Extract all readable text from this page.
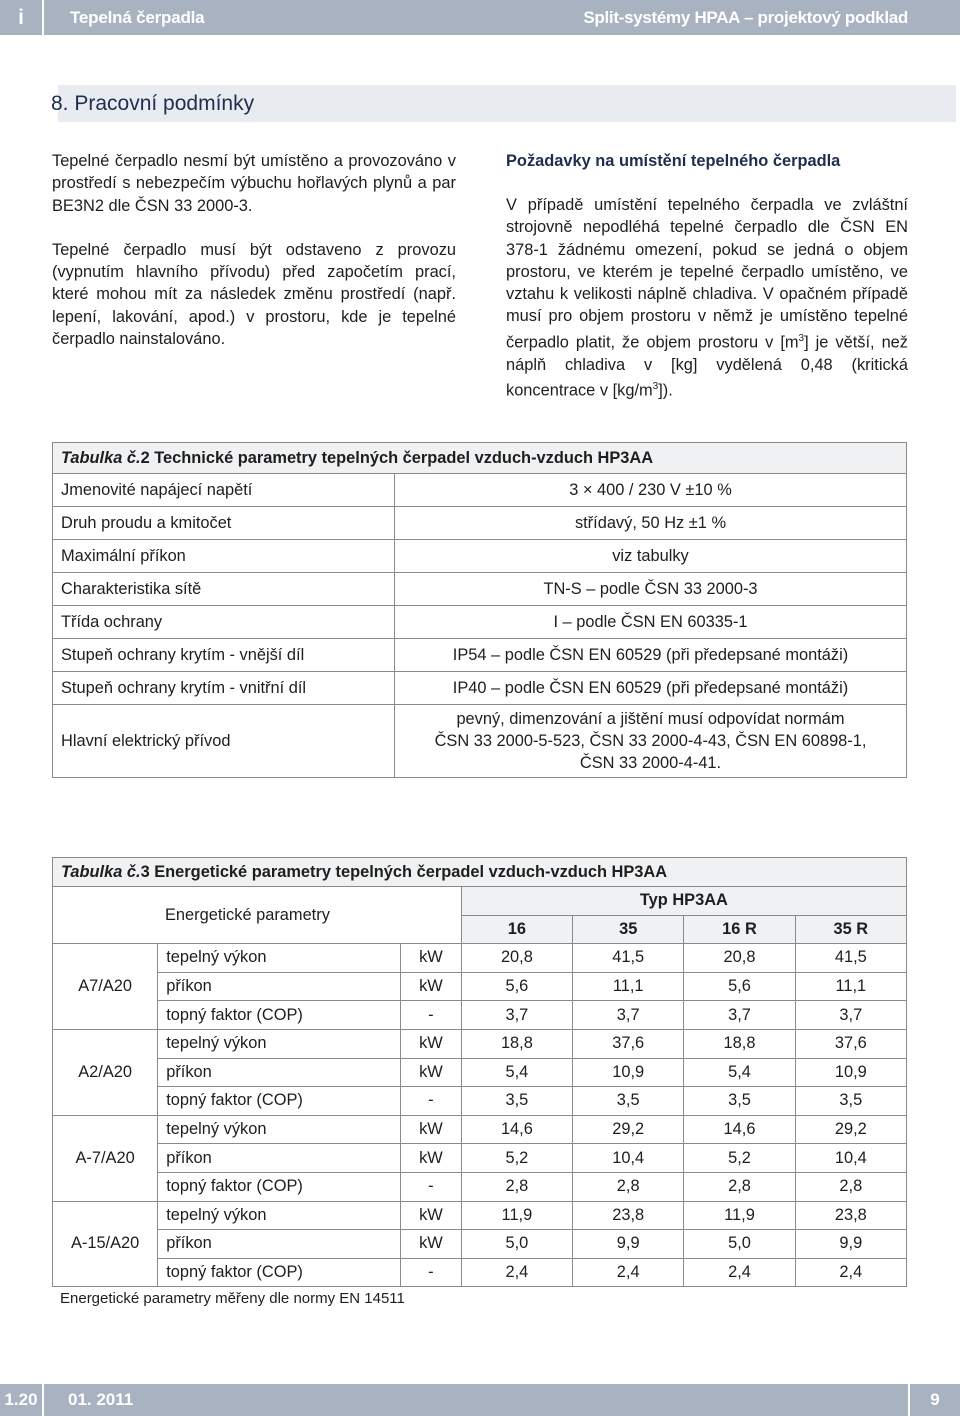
i	Tepelná čerpadla	Split-systémy HPAA – projektový podklad
8. Pracovní podmínky

Tepelné čerpadlo nesmí být umístěno a provozováno v prostředí s nebezpečím výbuchu hořlavých plynů a par BE3N2 dle ČSN 33 2000-3.

Tepelné čerpadlo musí být odstaveno z provozu (vypnutím hlavního přívodu) před započetím prací, které mohou mít za následek změnu prostředí (např. lepení, lakování, apod.) v prostoru, kde je tepelné čerpadlo nainstalováno.

Požadavky na umístění tepelného čerpadla

V případě umístění tepelného čerpadla ve zvláštní strojovně nepodléhá tepelné čerpadlo dle ČSN EN 378-1 žádnému omezení, pokud se jedná o objem prostoru, ve kterém je tepelné čerpadlo umístěno, ve vztahu k velikosti náplně chladiva. V opačném případě musí pro objem prostoru v němž je umístěno tepelné čerpadlo platit, že objem prostoru v $[m^3]$ je větší, než náplň chladiva v [kg] vydělená 0,48 (kritická koncentrace v $[kg/m^3]$).

Tabulka č.2 Technické parametry tepelných čerpadel vzduch-vzduch HP3AA	
Jmenovité napájecí napětí	3 × 400 / 230 V ±10 %
Druh proudu a kmitočet	střídavý, 50 Hz ±1 %
Maximální příkon	viz tabulky
Charakteristika sítě	TN-S – podle ČSN 33 2000-3
Třída ochrany	I – podle ČSN EN 60335-1
Stupeň ochrany krytím - vnější díl	IP54 – podle ČSN EN 60529 (při předepsané montáži)
Stupeň ochrany krytím - vnitřní díl	IP40 – podle ČSN EN 60529 (při předepsané montáži)
Hlavní elektrický přívod	pevný, dimenzování a jištění musí odpovídat normám
ČSN 33 2000-5-523, ČSN 33 2000-4-43, ČSN EN 60898-1,
ČSN 33 2000-4-41.
Tabulka č.3 Energetické parametry tepelných čerpadel vzduch-vzduch HP3AA						
Energetické parametry			Typ HP3AA			
			16	35	16 R	35 R
A7/A20	tepelný výkon	kW	20,8	41,5	20,8	41,5
	příkon	kW	5,6	11,1	5,6	11,1
	topný faktor (COP)	-	3,7	3,7	3,7	3,7
A2/A20	tepelný výkon	kW	18,8	37,6	18,8	37,6
	příkon	kW	5,4	10,9	5,4	10,9
	topný faktor (COP)	-	3,5	3,5	3,5	3,5
A-7/A20	tepelný výkon	kW	14,6	29,2	14,6	29,2
	příkon	kW	5,2	10,4	5,2	10,4
	topný faktor (COP)	-	2,8	2,8	2,8	2,8
A-15/A20	tepelný výkon	kW	11,9	23,8	11,9	23,8
	příkon	kW	5,0	9,9	5,0	9,9
	topný faktor (COP)	-	2,4	2,4	2,4	2,4
Energetické parametry měřeny dle normy EN 14511
1.20	01. 2011	9
